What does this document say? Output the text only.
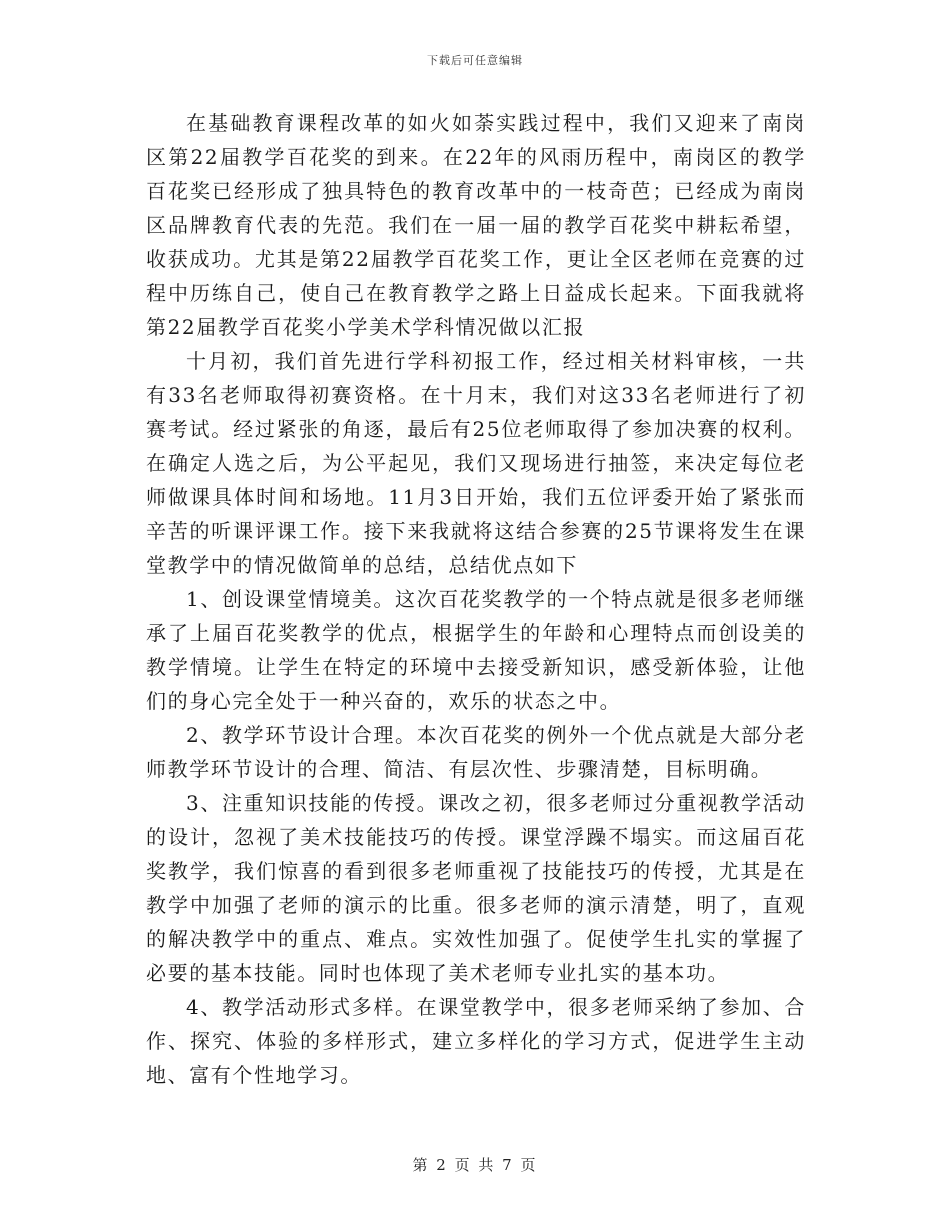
下载后可任意编辑

在基础教育课程改革的如火如荼实践过程中，我们又迎来了南岗区第22届教学百花奖的到来。在22年的风雨历程中，南岗区的教学百花奖已经形成了独具特色的教育改革中的一枝奇芭；已经成为南岗区品牌教育代表的先范。我们在一届一届的教学百花奖中耕耘希望，收获成功。尤其是第22届教学百花奖工作，更让全区老师在竞赛的过程中历练自己，使自己在教育教学之路上日益成长起来。下面我就将第22届教学百花奖小学美术学科情况做以汇报

十月初，我们首先进行学科初报工作，经过相关材料审核，一共有33名老师取得初赛资格。在十月末，我们对这33名老师进行了初赛考试。经过紧张的角逐，最后有25位老师取得了参加决赛的权利。在确定人选之后，为公平起见，我们又现场进行抽签，来决定每位老师做课具体时间和场地。11月3日开始，我们五位评委开始了紧张而辛苦的听课评课工作。接下来我就将这结合参赛的25节课将发生在课堂教学中的情况做简单的总结，总结优点如下

1、创设课堂情境美。这次百花奖教学的一个特点就是很多老师继承了上届百花奖教学的优点，根据学生的年龄和心理特点而创设美的教学情境。让学生在特定的环境中去接受新知识，感受新体验，让他们的身心完全处于一种兴奋的，欢乐的状态之中。

2、教学环节设计合理。本次百花奖的例外一个优点就是大部分老师教学环节设计的合理、简洁、有层次性、步骤清楚，目标明确。

3、注重知识技能的传授。课改之初，很多老师过分重视教学活动的设计，忽视了美术技能技巧的传授。课堂浮躁不塌实。而这届百花奖教学，我们惊喜的看到很多老师重视了技能技巧的传授，尤其是在教学中加强了老师的演示的比重。很多老师的演示清楚，明了，直观的解决教学中的重点、难点。实效性加强了。促使学生扎实的掌握了必要的基本技能。同时也体现了美术老师专业扎实的基本功。

4、教学活动形式多样。在课堂教学中，很多老师采纳了参加、合作、探究、体验的多样形式，建立多样化的学习方式，促进学生主动地、富有个性地学习。

第 2 页 共 7 页
